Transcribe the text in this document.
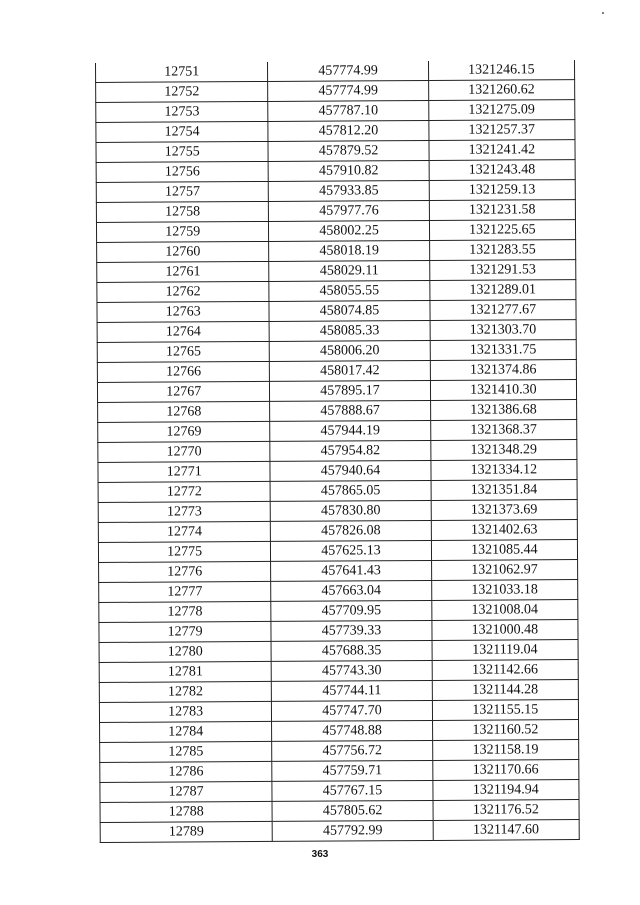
12751	457774.99	1321246.15
12752	457774.99	1321260.62
12753	457787.10	1321275.09
12754	457812.20	1321257.37
12755	457879.52	1321241.42
12756	457910.82	1321243.48
12757	457933.85	1321259.13
12758	457977.76	1321231.58
12759	458002.25	1321225.65
12760	458018.19	1321283.55
12761	458029.11	1321291.53
12762	458055.55	1321289.01
12763	458074.85	1321277.67
12764	458085.33	1321303.70
12765	458006.20	1321331.75
12766	458017.42	1321374.86
12767	457895.17	1321410.30
12768	457888.67	1321386.68
12769	457944.19	1321368.37
12770	457954.82	1321348.29
12771	457940.64	1321334.12
12772	457865.05	1321351.84
12773	457830.80	1321373.69
12774	457826.08	1321402.63
12775	457625.13	1321085.44
12776	457641.43	1321062.97
12777	457663.04	1321033.18
12778	457709.95	1321008.04
12779	457739.33	1321000.48
12780	457688.35	1321119.04
12781	457743.30	1321142.66
12782	457744.11	1321144.28
12783	457747.70	1321155.15
12784	457748.88	1321160.52
12785	457756.72	1321158.19
12786	457759.71	1321170.66
12787	457767.15	1321194.94
12788	457805.62	1321176.52
12789	457792.99	1321147.60
363
